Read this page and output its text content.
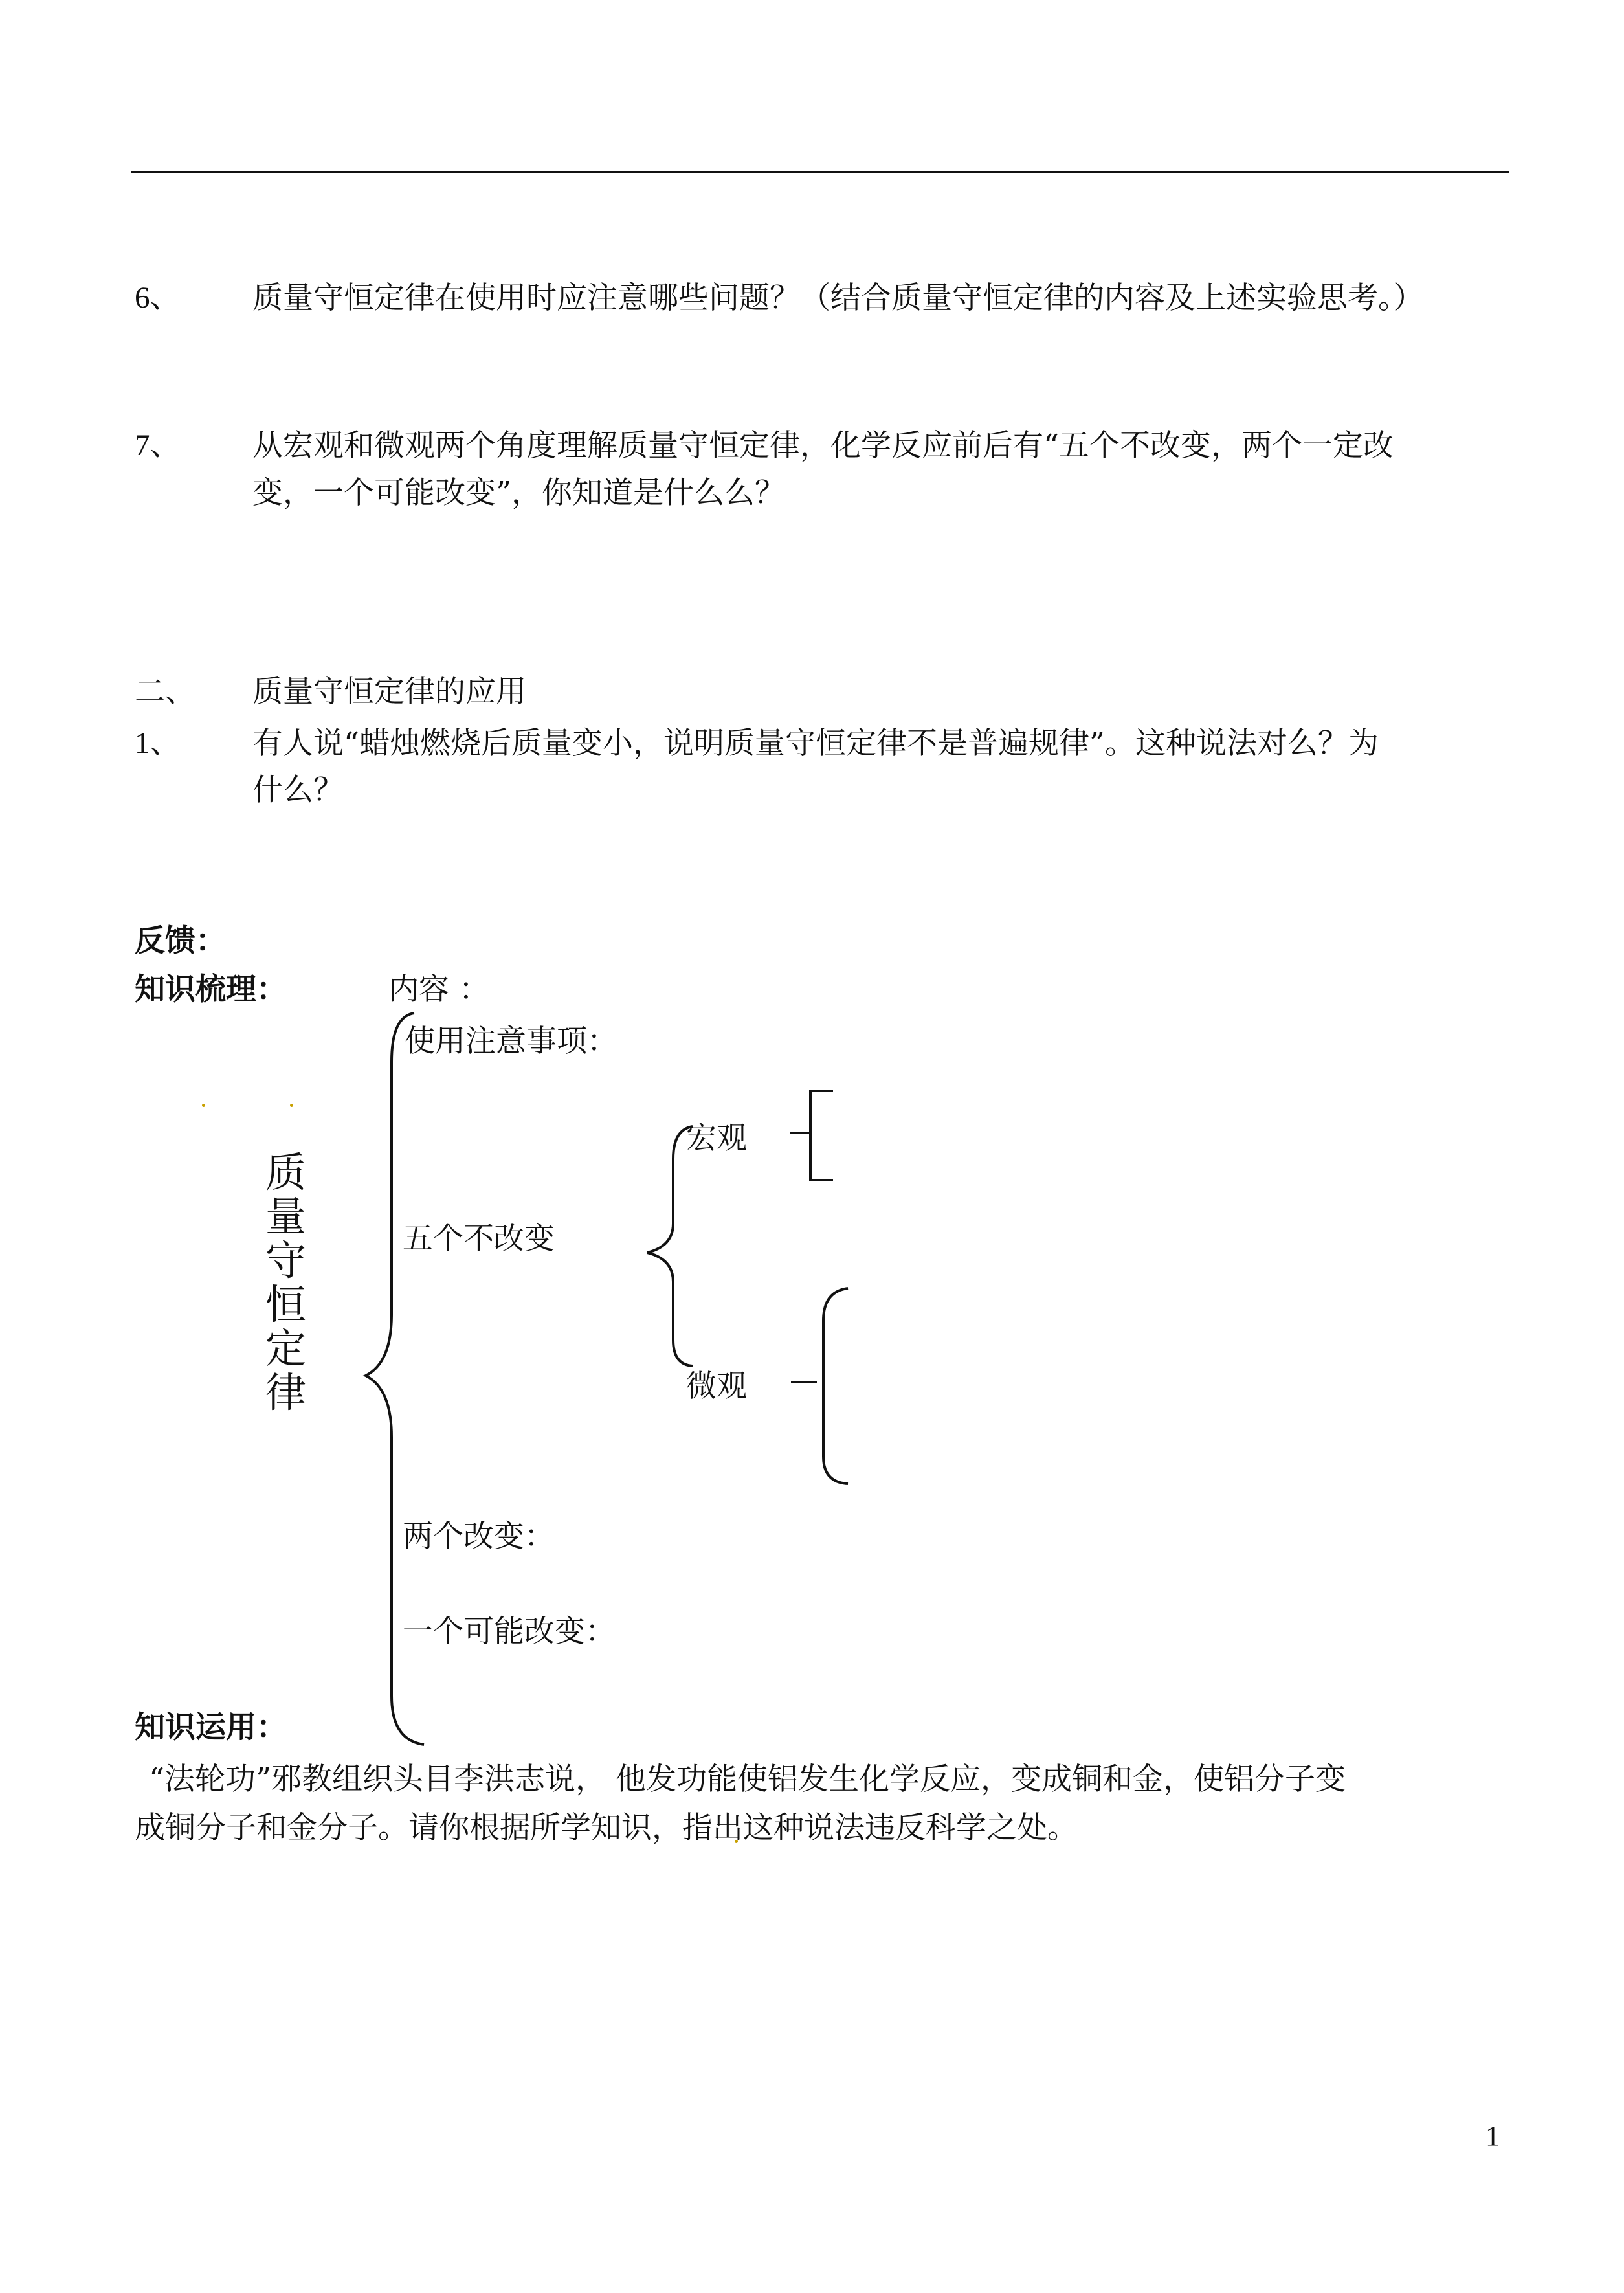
6、 质量守恒定律在使用时应注意哪些问题？（结合质量守恒定律的内容及上述实验思考。）
7、 从宏观和微观两个角度理解质量守恒定律，化学反应前后有“五个不改变，两个一定改
变，一个可能改变”，你知道是什么么？
二、 质量守恒定律的应用
1、 有人说“蜡烛燃烧后质量变小，说明质量守恒定律不是普遍规律”。这种说法对么？为
什么？
反馈：
知识梳理：	内容 ：
质
量
守
恒
定
律
使用注意事项：
五个不改变
宏观
微观
两个改变：
一个可能改变：
知识运用：
“法轮功”邪教组织头目李洪志说， 他发功能使铝发生化学反应，变成铜和金，使铝分子变
成铜分子和金分子。请你根据所学知识，指出这种说法违反科学之处。
1
